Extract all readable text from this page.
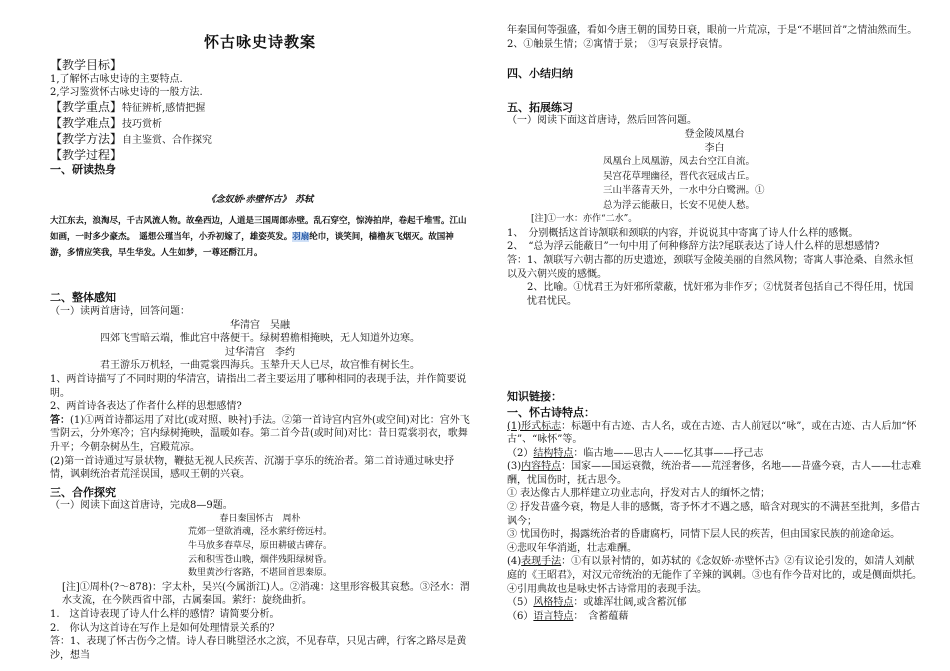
怀古咏史诗教案
【教学目标】

1,了解怀古咏史诗的主要特点.

2,学习鉴赏怀古咏史诗的一般方法.

【教学重点】特征辨析,感情把握
【教学难点】技巧赏析
【教学方法】自主鉴赏、合作探究
【教学过程】
一、研读热身
《念奴娇·赤壁怀古》　苏轼

大江东去，浪淘尽，千古风流人物。故垒西边，人道是三国周郎赤壁。乱石穿空，惊涛拍岸，卷起千堆雪。江山如画，一时多少豪杰。　遥想公瑾当年，小乔初嫁了，雄姿英发。羽扇纶巾，谈笑间，樯橹灰飞烟灭。故国神游，多情应笑我，早生华发。人生如梦，一尊还酹江月。

二、整体感知

（一）读两首唐诗，回答问题：

华清宫　吴融
四郊飞雪暗云端，惟此宫中落便干。绿树碧檐相掩映，无人知道外边寒。
过华清宫　李约
君王游乐万机轻，一曲霓裳四海兵。玉辇升天人已尽，故宫惟有树长生。

1、两首诗描写了不同时期的华清宫，请指出二者主要运用了哪种相同的表现手法，并作简要说明。

2、两首诗各表达了作者什么样的思想感情?

答：(1)①两首诗都运用了对比(或对照、映衬)手法。②第一首诗宫内宫外(或空间)对比：宫外飞雪阴云，分外寒冷；宫内绿树掩映，温暖如春。第二首今昔(或时间)对比：昔日霓裳羽衣，歌舞升平；今朝杂树丛生，宫殿荒凉。

(2)第一首诗通过写景状物，鞭挞无视人民疾苦、沉溺于享乐的统治者。第二首诗通过咏史抒情，讽刺统治者荒淫误国，感叹王朝的兴衰。

三、合作探究

（一）阅读下面这首唐诗，完成8—9题。

春日秦国怀古　周朴
荒郊一望欲消魂，泾水萦纡傍远村。
牛马放多春草尽，原田耕破古碑存。
云和积雪苍山晚，烟伴残阳绿树昏。
数里黄沙行客路，不堪回首思秦原。

[注]①周朴(?～878)：字太朴，吴兴(今属浙江)人。②消魂：这里形容极其哀愁。③泾水：渭水支流，在今陕西省中部，古属秦国。萦纡：旋绕曲折。

1.　这首诗表现了诗人什么样的感情？请简要分析。

2.　你认为这首诗在写作上是如何处理情景关系的？

答：1、表现了怀古伤今之情。诗人春日眺望泾水之滨，不见春草，只见古碑，行客之路尽是黄沙，想当

年秦国何等强盛，看如今唐王朝的国势日衰，眼前一片荒凉，于是“不堪回首”之情油然而生。

2、①触景生情；②寓情于景；　③写哀景抒哀情。

四、小结归纳
五、拓展练习

（一）阅读下面这首唐诗，然后回答问题。

登金陵凤凰台
李白
凤凰台上凤凰游，凤去台空江自流。
吴宫花草埋幽径，晋代衣冠成古丘。
三山半落青天外，一水中分白鹭洲。①
总为浮云能蔽日，长安不见使人愁。

[注]①一水：亦作“二水”。

1、　分别概括这首诗颔联和颈联的内容，并说说其中寄寓了诗人什么样的感慨。

2、　“总为浮云能蔽日”一句中用了何种修辞方法?尾联表达了诗人什么样的思想感情?

答：1、颔联写六朝古都的历史遗迹，颈联写金陵美丽的自然风物；寄寓人事沧桑、自然永恒以及六朝兴废的感慨。

2、比喻。①忧君王为奸邪所蒙蔽，忧奸邪为非作歹；②忧贤者包括自己不得任用，忧国忧君忧民。

知识链接：
一、怀古诗特点：

(1)形式标志：标题中有古迹、古人名，或在古迹、古人前冠以“咏”，或在古迹、古人后加“怀古”、“咏怀”等。

（2）结构特点：临古地——思古人——忆其事——抒己志

(3)内容特点：国家——国运衰微，统治者——荒淫奢侈，名地——昔盛今衰，古人——壮志难酬，忧国伤时，抚古思今。

① 表达像古人那样建立功业志向，抒发对古人的缅怀之情；

② 抒发昔盛今衰，物是人非的感慨，寄予怀才不遇之感，暗含对现实的不满甚至批判，多借古讽今；

③ 忧国伤时，揭露统治者的昏庸腐朽，同情下层人民的疾苦，但由国家民族的前途命运。

④悲叹年华消逝，壮志难酬。

(4)表现手法：①有以景衬情的，如苏轼的《念奴娇·赤壁怀古》②有议论引发的，如清人刘献庭的《王昭君》，对汉元帝统治的无能作了辛辣的讽刺。③也有作今昔对比的，或是侧面烘托。④引用典故也是咏史怀古诗常用的表现手法。

（5）风格特点：或雄浑壮阔,或含蓄沉郁

（6）语言特点：　含蓄蕴藉
